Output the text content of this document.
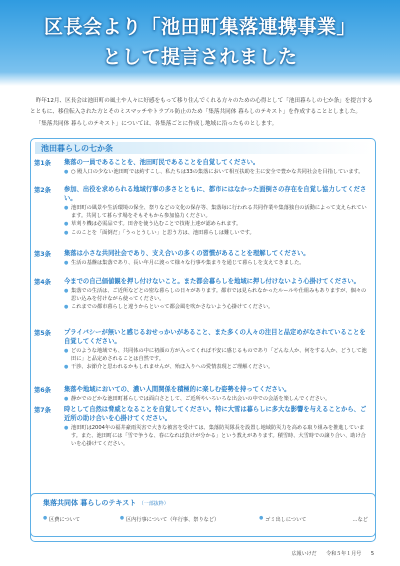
区長会より「池田町集落連携事業」
として提言されました

昨年12月、区長会は池田町の風土や人々に好感をもって移り住んでくれる方々のための心得として「池田暮らしの七か条」を提言するとともに、移住転入された方とそのミスマッチやトラブル防止のため「集落共同体 暮らしのテキスト」を作成することとしました。

「集落共同体 暮らしのテキスト」については、各集落ごとに作成し地域に沿ったものとします。

池田暮らしの七か条
第1条	集落の一員であることを、池田町民であることを自覚してください。
● ○ 殿人口の少ない池田町では約すこし、私たちは33の集落において相互扶助を主に安全で豊かな共同社会を目指しています。
第2条	参加、出役を求められる地域行事の多さとともに、都市にはなかった面倒さの存在を自覚し協力してください。
● 池田町の風景や生活環境の保全、祭りなどの文化の保存等、集落毎に行われる共同作業や集落独自の活動によって支えられています。共同して暮らす場をそもそもから参加協力ください。
● 草刈り機は必需品です。田舎を使う込むことで技術上達が認められます。
● このことを「面倒だ」「うっとうしい」と思う方は、池田暮らしは難しいです。
第3条	集落は小さな共同社会であり、支え合いの多くの習慣があることを理解してください。
● 生活の基盤は集落であり、長い年月に渡って様々な行事や集まりを通じて暮らしを支えてきました。
第4条	今までの自己価値観を押し付けないこと。また都会暮らしを地域に押し付けないよう心掛けてください。
● 集落での生活は、ご近所などとの密な暮らしの日々があります。都市では見られなかったルールや仕組みもありますが、個々の思い込みを付けながら使ってください。
● これまでの都市暮らしと違うからといって都会風を吹かさないよう心掛けてください。
第5条	プライバシーが無いと感じるおせっかいがあること、また多くの人々の注目と品定めがなされていることを自覚してください。
● どのような地域でも、共同体の中に初顔の方が入ってくれば不安に感じるものであり「どんな人か、何をする人か、どうして池田に」と品定めされることは自然です。
● 干渉、お節介と思われるかもしれませんが、殆ほ入りへの愛情表現とご理解ください。
第6条	集落や地域においての、濃い人間関係を積極的に楽しむ姿勢を持ってください。
● 静かでのどかな池田町暮らしでは面白さとして、ご近所やいろいろな出会いの中での会話を楽しんでください。
第7条	時として自然は脅威となることを自覚してください。特に大雪は暮らしに多大な影響を与えることから、ご近所の助け合いを心掛けてください。
● 池田町は2004年の福井豪雨災害で大きな被害を受けては、集落防災隊長を設置し地域防災力を高める取り組みを推進しています。また、池田町には「雪で争うな、春になれば負けが分かる」という教えがあります。積雪時、大雪時での譲り合い、助け合いを心掛けてください。
集落共同体 暮らしのテキスト （一部抜粋）
● 区費について	● 区内行事について（年行事、祭りなど）	● ゴミ出しについて	…など
広報いけだ 令和５年１月号 5
